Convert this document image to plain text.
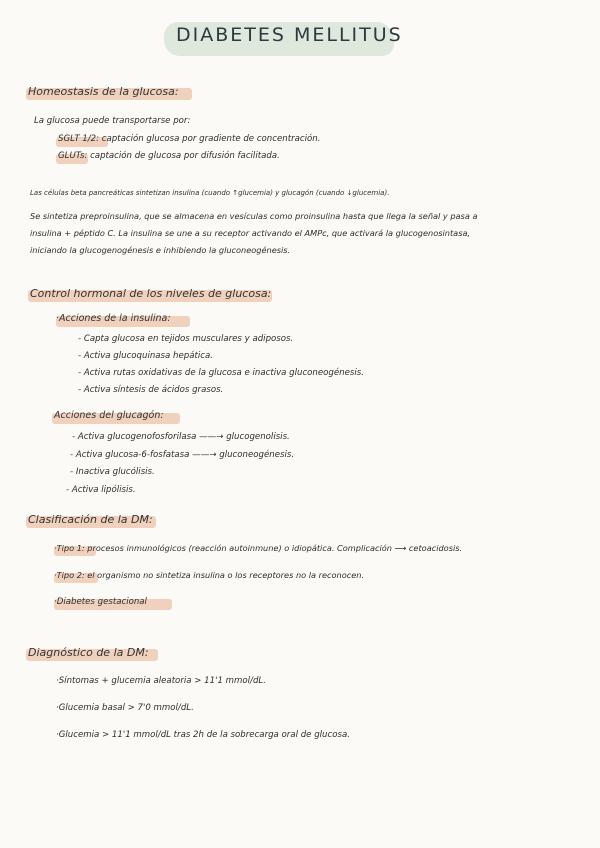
DIABETES MELLITUS
Homeostasis de la glucosa:
La glucosa puede transportarse por:
SGLT 1/2: captación glucosa por gradiente de concentración.
GLUTs: captación de glucosa por difusión facilitada.
Las células beta pancreáticas sintetizan insulina (cuando ↑glucemia) y glucagón (cuando ↓glucemia).
Se sintetiza preproinsulina, que se almacena en vesículas como proinsulina hasta que llega la señal y pasa a
insulina + péptido C. La insulina se une a su receptor activando el AMPc, que activará la glucogenosintasa,
iniciando la glucogenogénesis e inhibiendo la gluconeogénesis.
Control hormonal de los niveles de glucosa:
·Acciones de la insulina:
- Capta glucosa en tejidos musculares y adiposos.
- Activa glucoquinasa hepática.
- Activa rutas oxidativas de la glucosa e inactiva gluconeogénesis.
- Activa síntesis de ácidos grasos.
Acciones del glucagón:
- Activa glucogenofosforilasa ——→ glucogenolisis.
- Activa glucosa-6-fosfatasa ——→ gluconeogénesis.
- Inactiva glucólisis.
- Activa lipólisis.
Clasificación de la DM:
·Tipo 1: procesos inmunológicos (reacción autoinmune) o idiopática. Complicación ⟶ cetoacidosis.
·Tipo 2: el organismo no sintetiza insulina o los receptores no la reconocen.
·Diabetes gestacional
Diagnóstico de la DM:
·Síntomas + glucemia aleatoria > 11'1 mmol/dL.
·Glucemia basal > 7'0 mmol/dL.
·Glucemia > 11'1 mmol/dL tras 2h de la sobrecarga oral de glucosa.
